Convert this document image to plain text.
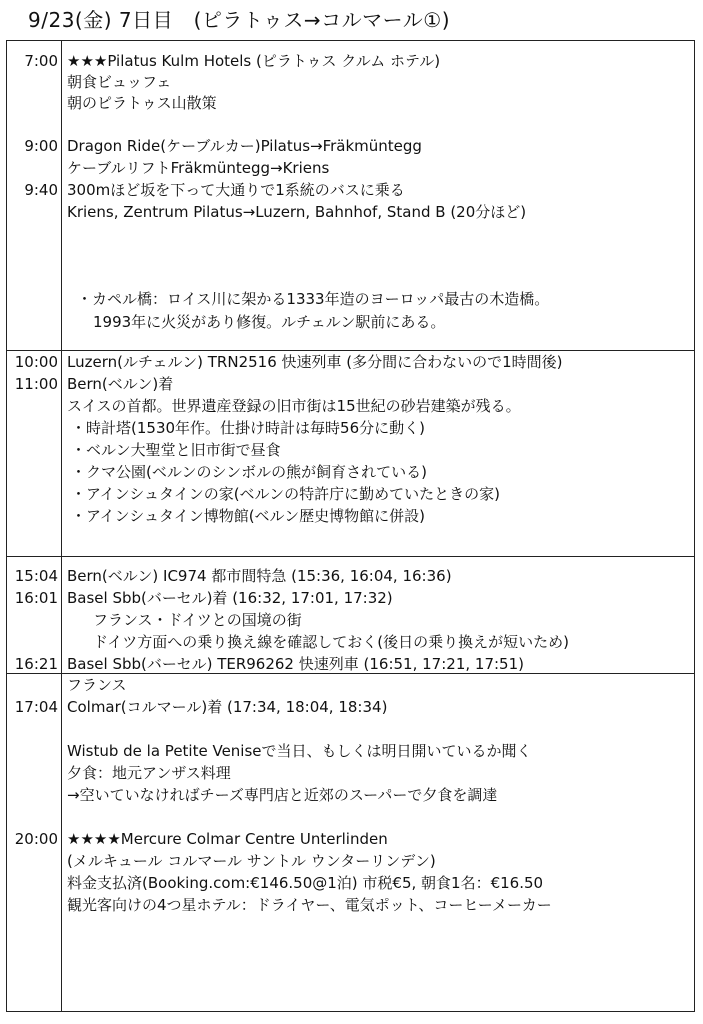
9/23(金) 7日目　(ピラトゥス→コルマール①)
7:00 ★★★Pilatus Kulm Hotels (ピラトゥス クルム ホテル)
朝食ビュッフェ
朝のピラトゥス山散策
9:00 Dragon Ride(ケーブルカー)Pilatus→Fräkmüntegg
ケーブルリフトFräkmüntegg→Kriens
9:40 300mほど坂を下って大通りで1系統のバスに乗る
Kriens, Zentrum Pilatus→Luzern, Bahnhof, Stand B (20分ほど)
・カペル橋：ロイス川に架かる1333年造のヨーロッパ最古の木造橋。
1993年に火災があり修復。ルチェルン駅前にある。
10:00 Luzern(ルチェルン) TRN2516 快速列車 (多分間に合わないので1時間後)
11:00 Bern(ベルン)着
スイスの首都。世界遺産登録の旧市街は15世紀の砂岩建築が残る。
・時計塔(1530年作。仕掛け時計は毎時56分に動く)
・ベルン大聖堂と旧市街で昼食
・クマ公園(ベルンのシンボルの熊が飼育されている)
・アインシュタインの家(ベルンの特許庁に勤めていたときの家)
・アインシュタイン博物館(ベルン歴史博物館に併設)
15:04 Bern(ベルン) IC974 都市間特急 (15:36, 16:04, 16:36)
16:01 Basel Sbb(バーセル)着 (16:32, 17:01, 17:32)
フランス・ドイツとの国境の街
ドイツ方面への乗り換え線を確認しておく(後日の乗り換えが短いため)
16:21 Basel Sbb(バーセル) TER96262 快速列車 (16:51, 17:21, 17:51)
フランス
17:04 Colmar(コルマール)着 (17:34, 18:04, 18:34)
Wistub de la Petite Veniseで当日、もしくは明日開いているか聞く
夕食：地元アンザス料理
→空いていなければチーズ専門店と近郊のスーパーで夕食を調達
20:00 ★★★★Mercure Colmar Centre Unterlinden
(メルキュール コルマール サントル ウンターリンデン)
料金支払済(Booking.com:€146.50@1泊) 市税€5, 朝食1名：€16.50
観光客向けの4つ星ホテル：ドライヤー、電気ポット、コーヒーメーカー
